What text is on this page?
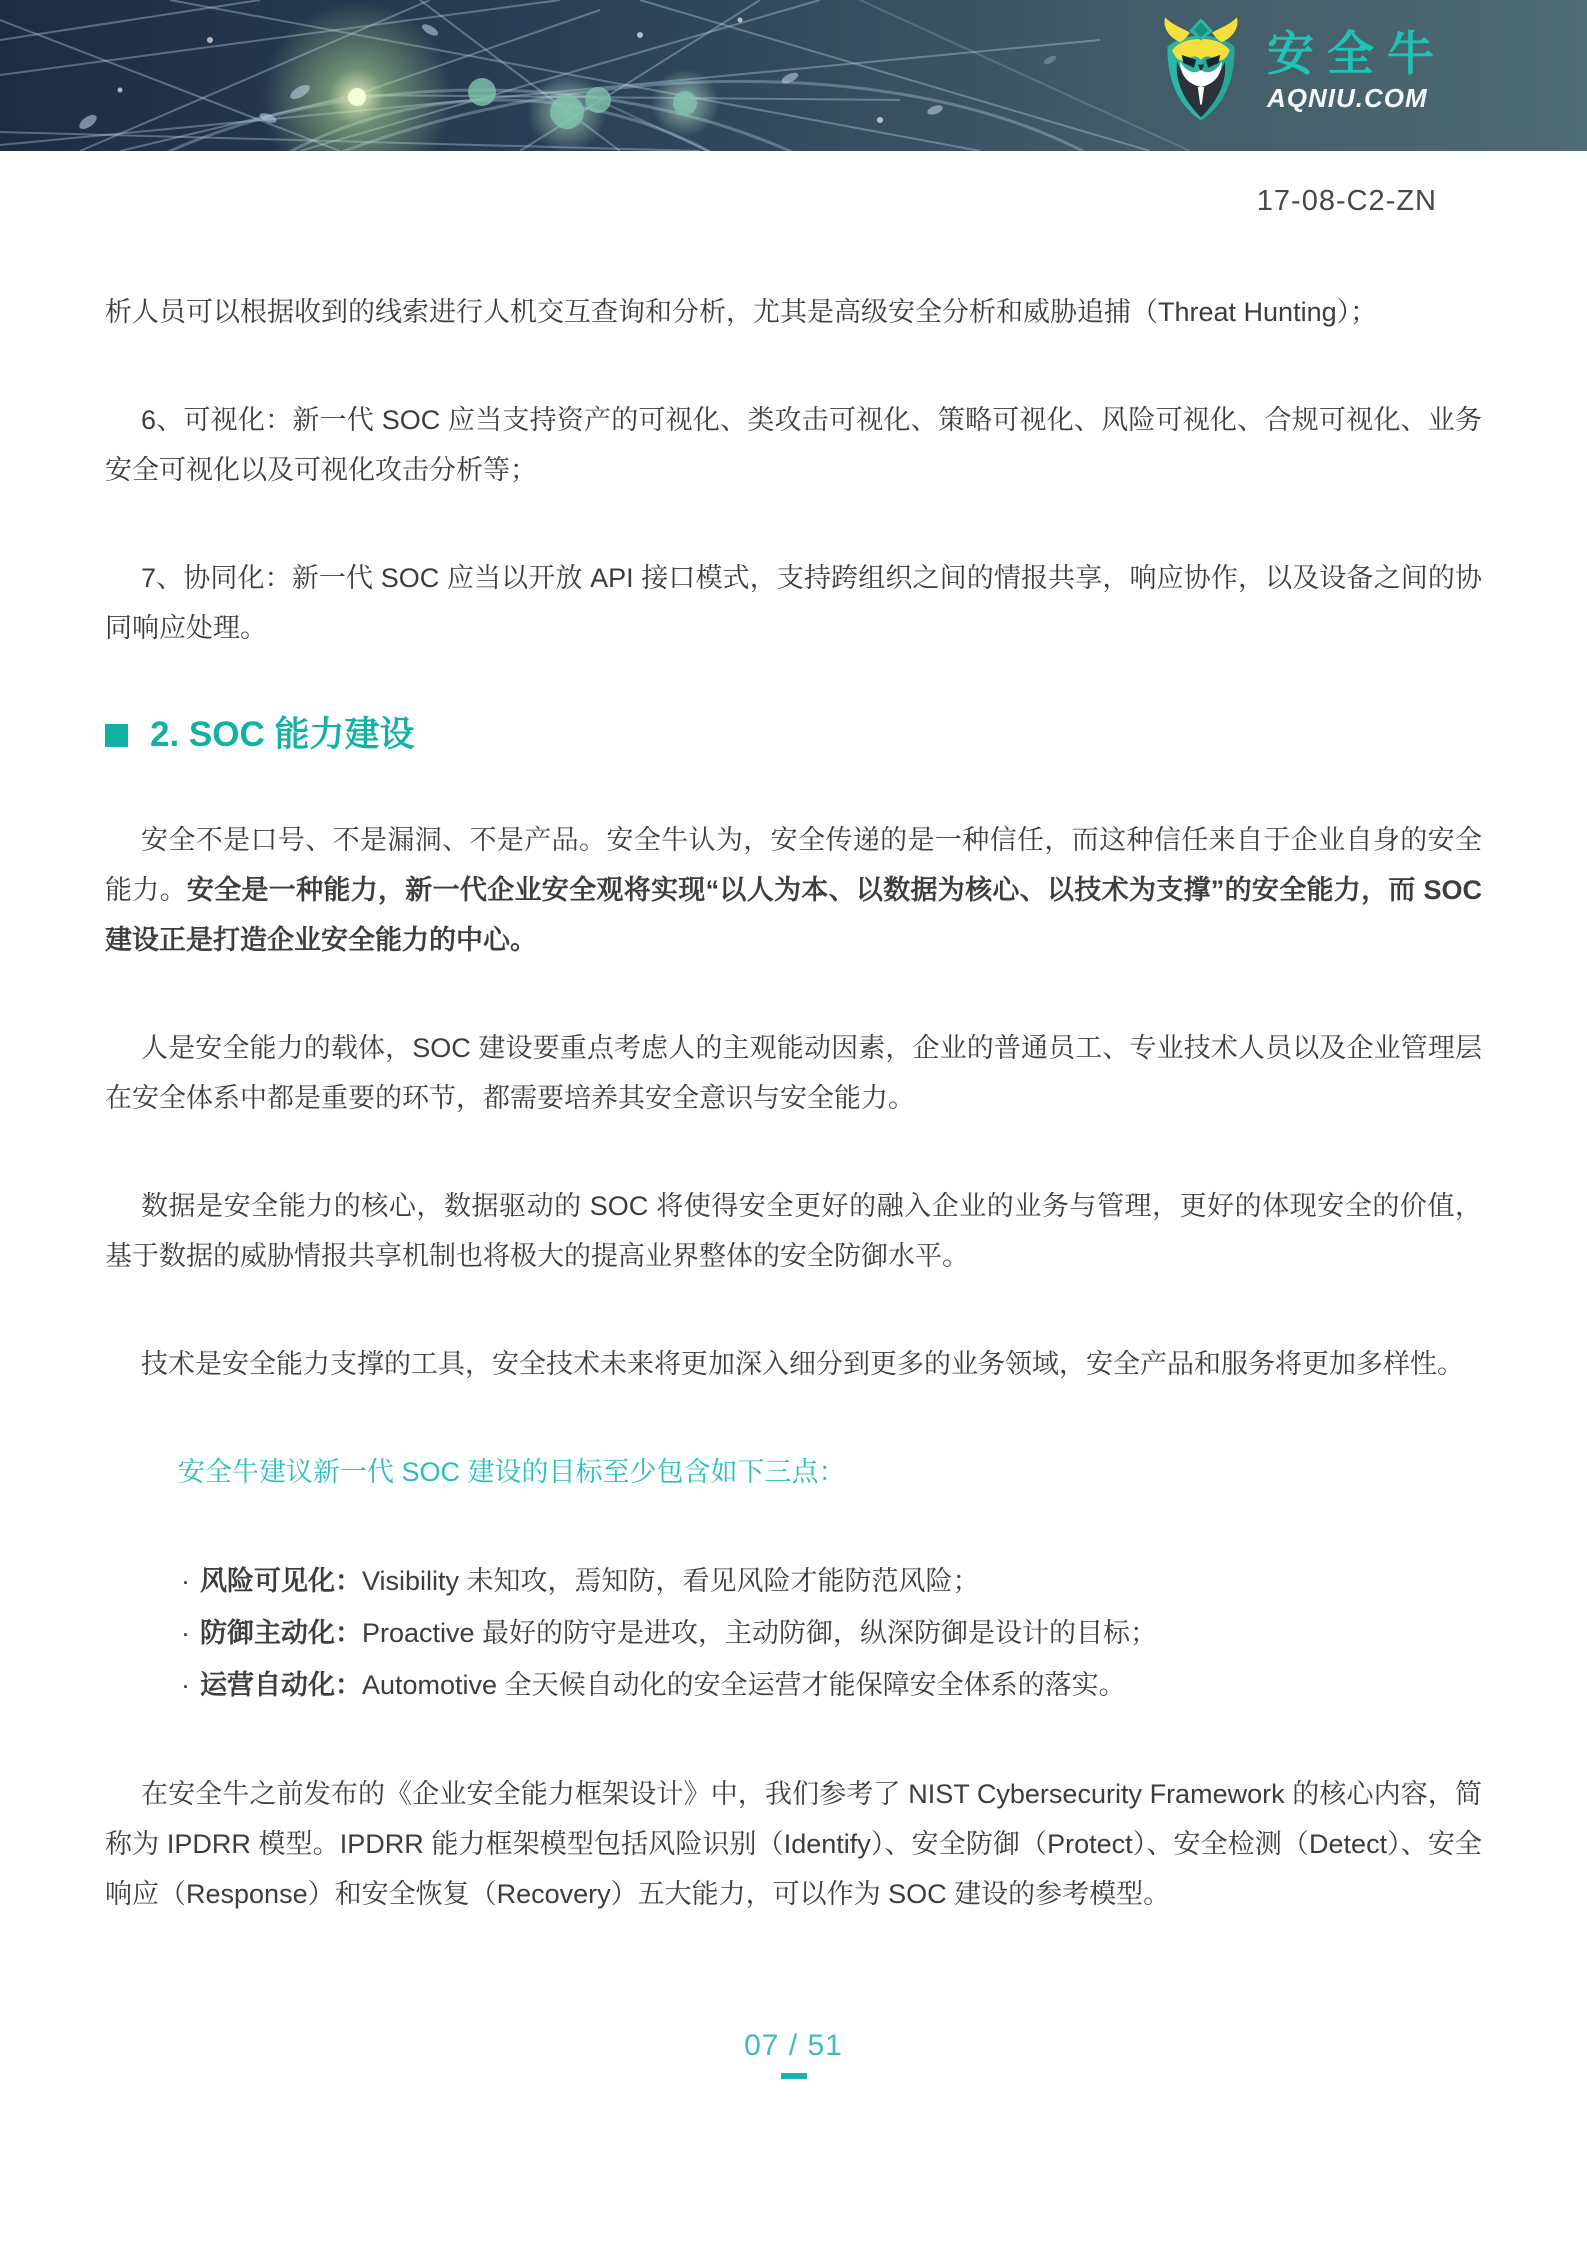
安全牛
AQNIU.COM
17-08-C2-ZN

析人员可以根据收到的线索进行人机交互查询和分析，尤其是高级安全分析和威胁追捕（Threat Hunting）；

6、可视化：新一代 SOC 应当支持资产的可视化、类攻击可视化、策略可视化、风险可视化、合规可视化、业务安全可视化以及可视化攻击分析等；

7、协同化：新一代 SOC 应当以开放 API 接口模式，支持跨组织之间的情报共享，响应协作，以及设备之间的协同响应处理。

2. SOC 能力建设

安全不是口号、不是漏洞、不是产品。安全牛认为，安全传递的是一种信任，而这种信任来自于企业自身的安全能力。安全是一种能力，新一代企业安全观将实现“以人为本、以数据为核心、以技术为支撑”的安全能力，而 SOC 建设正是打造企业安全能力的中心。

人是安全能力的载体，SOC 建设要重点考虑人的主观能动因素，企业的普通员工、专业技术人员以及企业管理层在安全体系中都是重要的环节，都需要培养其安全意识与安全能力。

数据是安全能力的核心，数据驱动的 SOC 将使得安全更好的融入企业的业务与管理，更好的体现安全的价值，基于数据的威胁情报共享机制也将极大的提高业界整体的安全防御水平。

技术是安全能力支撑的工具，安全技术未来将更加深入细分到更多的业务领域，安全产品和服务将更加多样性。

安全牛建议新一代 SOC 建设的目标至少包含如下三点：

· 风险可见化：Visibility 未知攻，焉知防，看见风险才能防范风险；
· 防御主动化：Proactive 最好的防守是进攻，主动防御，纵深防御是设计的目标；
· 运营自动化：Automotive 全天候自动化的安全运营才能保障安全体系的落实。

在安全牛之前发布的《企业安全能力框架设计》中，我们参考了 NIST Cybersecurity Framework 的核心内容，简称为 IPDRR 模型。IPDRR 能力框架模型包括风险识别（Identify）、安全防御（Protect）、安全检测（Detect）、安全响应（Response）和安全恢复（Recovery）五大能力，可以作为 SOC 建设的参考模型。

07 / 51
